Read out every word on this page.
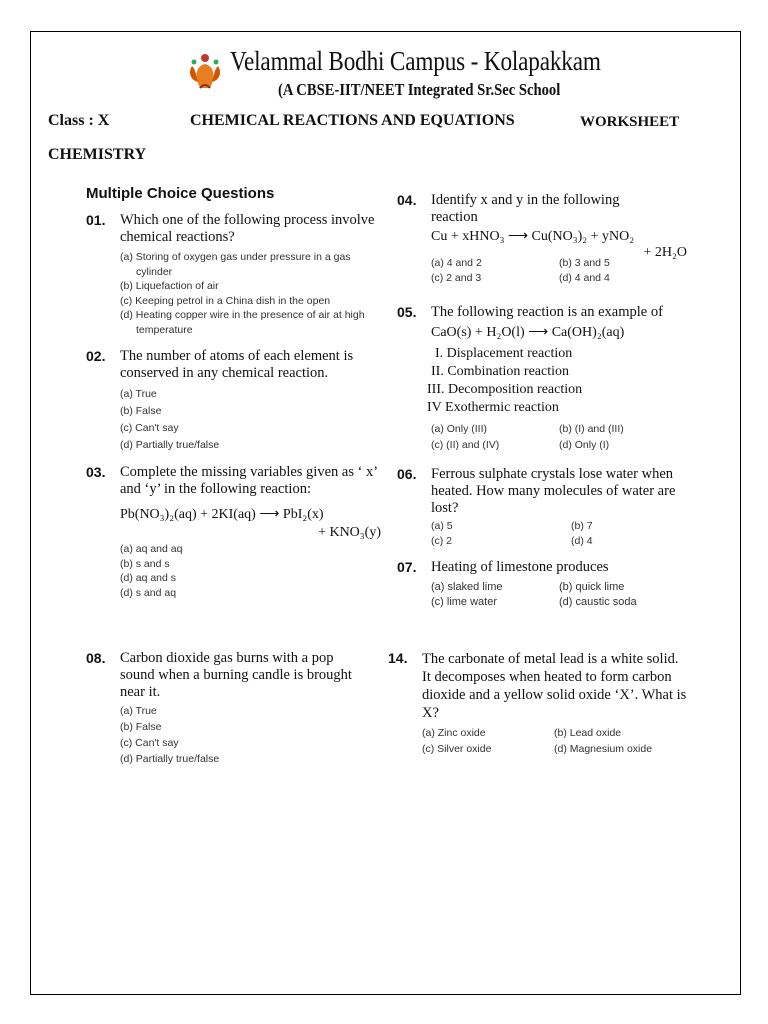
Velammal Bodhi Campus - Kolapakkam
(A CBSE-IIT/NEET Integrated Sr.Sec School
Class : X	CHEMICAL REACTIONS AND EQUATIONS	WORKSHEET
CHEMISTRY
Multiple Choice Questions
01. Which one of the following process involve chemical reactions?
(a) Storing of oxygen gas under pressure in a gas cylinder
(b) Liquefaction of air
(c) Keeping petrol in a China dish in the open
(d) Heating copper wire in the presence of air at high temperature
02. The number of atoms of each element is conserved in any chemical reaction.
(a) True
(b) False
(c) Can't say
(d) Partially true/false
03. Complete the missing variables given as ‘ x’ and ‘y’ in the following reaction:
Pb(NO₃)₂(aq) + 2KI(aq) ⟶ PbI₂(x)
+ KNO₃(y)
(a) aq and aq
(b) s and s
(d) aq and s
(d) s and aq
04. Identify x and y in the following reaction
Cu + xHNO₃ ⟶ Cu(NO₃)₂ + yNO₂
+ 2H₂O
(a) 4 and 2	(b) 3 and 5
(c) 2 and 3	(d) 4 and 4
05. The following reaction is an example of
CaO(s) + H₂O(l) ⟶ Ca(OH)₂(aq)
I. Displacement reaction
II. Combination reaction
III. Decomposition reaction
IV Exothermic reaction
(a) Only (III)	(b) (I) and (III)
(c) (II) and (IV)	(d) Only (I)
06. Ferrous sulphate crystals lose water when heated. How many molecules of water are lost?
(a) 5	(b) 7
(c) 2	(d) 4
07. Heating of limestone produces
(a) slaked lime	(b) quick lime
(c) lime water	(d) caustic soda
08. Carbon dioxide gas burns with a pop sound when a burning candle is brought near it.
(a) True
(b) False
(c) Can't say
(d) Partially true/false
14. The carbonate of metal lead is a white solid. It decomposes when heated to form carbon dioxide and a yellow solid oxide ‘X’. What is X?
(a) Zinc oxide	(b) Lead oxide
(c) Silver oxide	(d) Magnesium oxide
